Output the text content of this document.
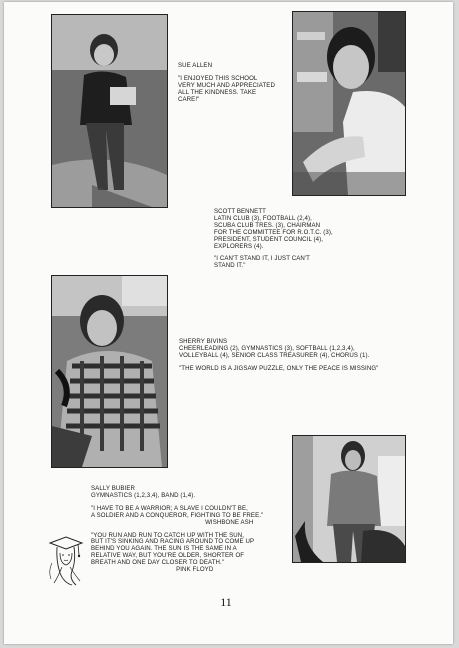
SUE ALLEN

"I ENJOYED THIS SCHOOL

VERY MUCH AND APPRECIATED

ALL THE KINDNESS. TAKE

CARE!"

SCOTT BENNETT

LATIN CLUB (3), FOOTBALL (2,4),

SCUBA CLUB TRES. (3), CHAIRMAN

FOR THE COMMITTEE FOR R.O.T.C. (3),

PRESIDENT, STUDENT COUNCIL (4),

EXPLORERS (4).

"I CAN'T STAND IT, I JUST CAN'T

STAND IT."

SHERRY BIVINS

CHEERLEADING (2), GYMNASTICS (3), SOFTBALL (1,2,3,4),

VOLLEYBALL (4), SENIOR CLASS TREASURER (4), CHORUS (1).

"THE WORLD IS A JIGSAW PUZZLE, ONLY THE PEACE IS MISSING"

SALLY BUBIER

GYMNASTICS (1,2,3,4), BAND (1,4).

"I HAVE TO BE A WARRIOR; A SLAVE I COULDN'T BE,

A SOLDIER AND A CONQUEROR, FIGHTING TO BE FREE."

WISHBONE ASH

"YOU RUN AND RUN TO CATCH UP WITH THE SUN,

BUT IT'S SINKING AND RACING AROUND TO COME UP

BEHIND YOU AGAIN. THE SUN IS THE SAME IN A

RELATIVE WAY, BUT YOU'RE OLDER, SHORTER OF

BREATH AND ONE DAY CLOSER TO DEATH."

PINK FLOYD

11
